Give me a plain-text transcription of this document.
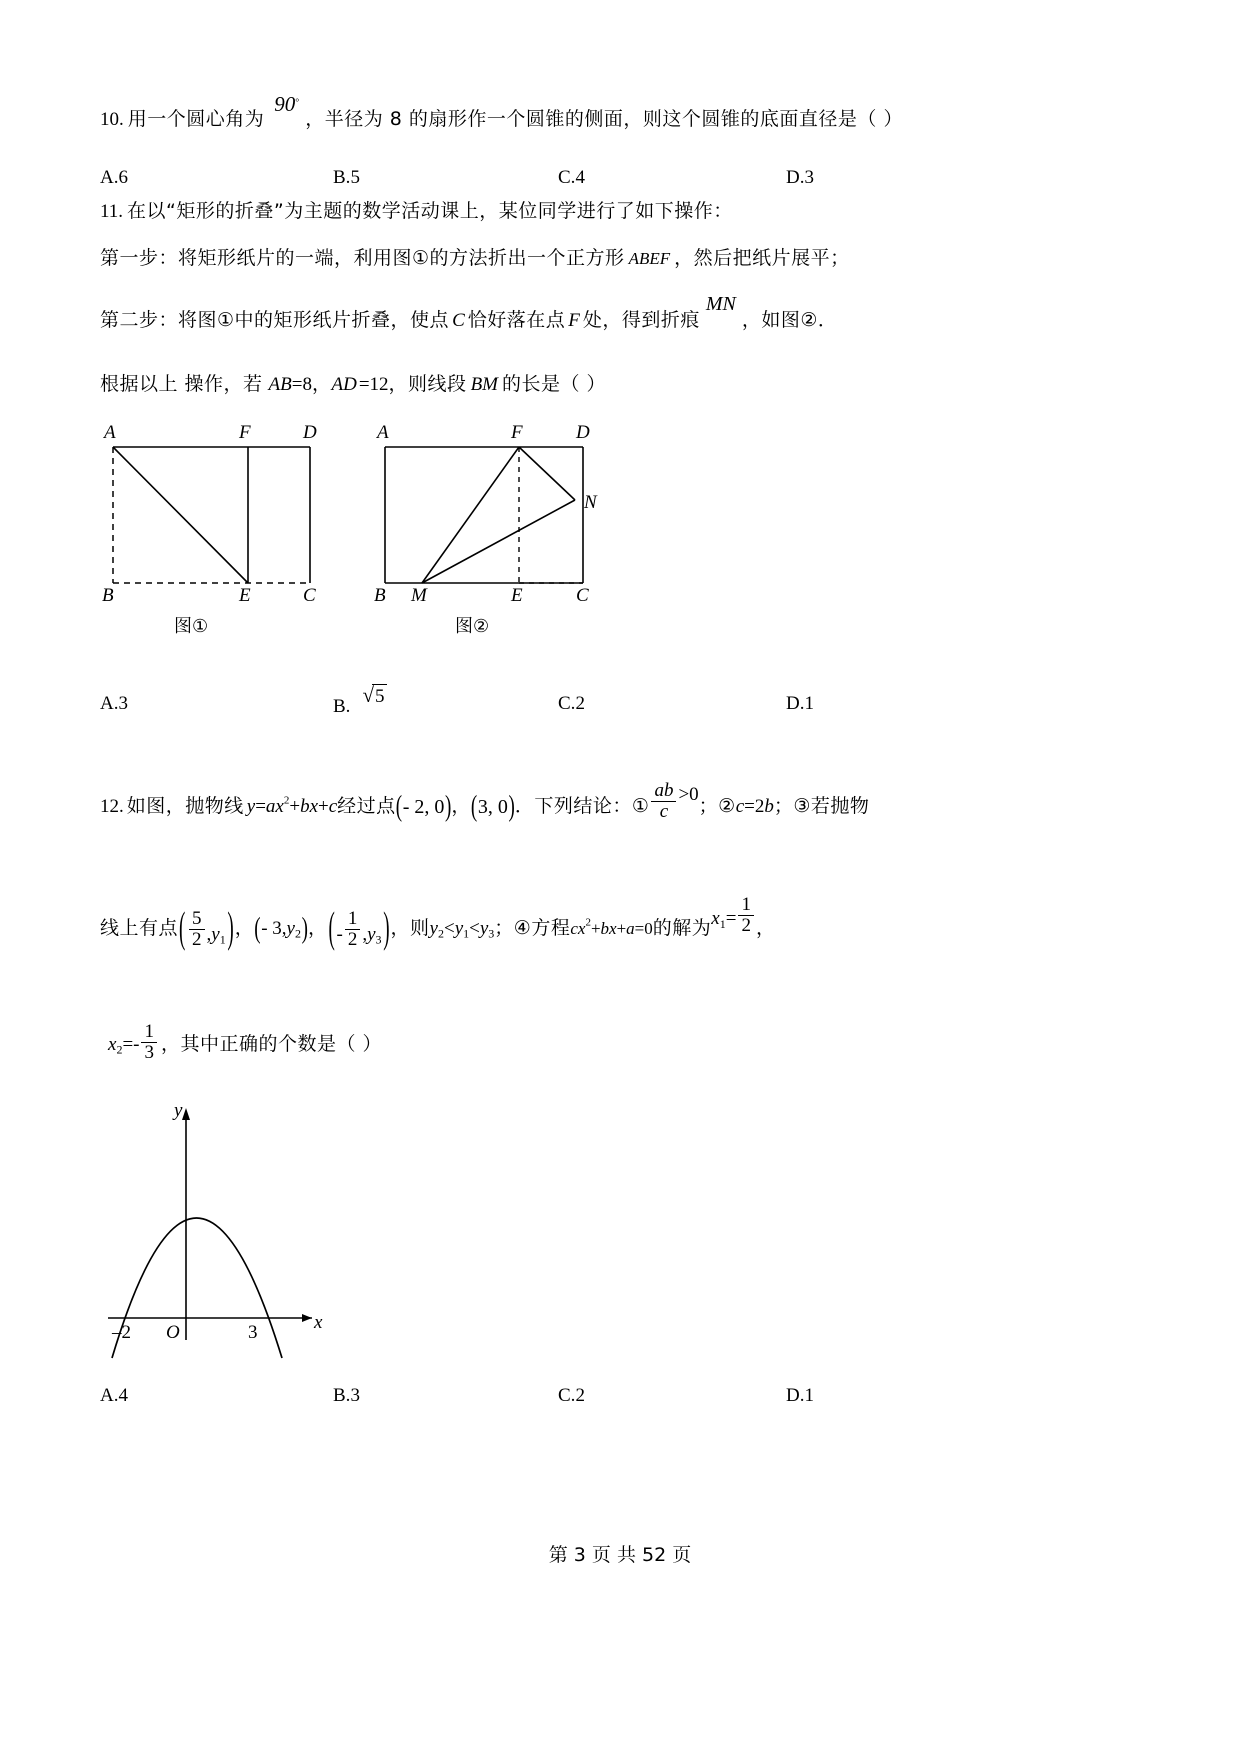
10. 用一个圆心角为90°，半径为 8 的扇形作一个圆锥的侧面，则这个圆锥的底面直径是（ ）
A.6	B.5	C.4	D.3
11. 在以“矩形的折叠”为主题的数学活动课上，某位同学进行了如下操作：
第一步：将矩形纸片的一端，利用图①的方法折出一个正方形 ABEF ，然后把纸片展平；
第二步：将图①中的矩形纸片折叠，使点 C 恰好落在点 F 处，得到折痕MN，如图②．
根据以上 操作，若 AB=8，AD =12，则线段 BM 的长是（ ）
A	F	D
B	E	C
图①
A	F	D
N
B M	E	C
图②
A.3	B. √
5	C.2	D.1
12. 如图，抛物线 $y=ax^2+bx+c$经过点 ( - 2, 0 ) ， ( 3, 0 ) ．下列结论：① $\frac{ab}{c} >0$；②c=2b；③若抛物
线上有点 ( $\frac{5}{2} ,y1$ )， ( - 3,y2 ) ， ( - $\frac{1}{2} ,y3$ )，则y2<y1<y3；④方程$cx^2+bx+a=0$的解为$x^1= \frac{1}{2}$ ，
$x2=- \frac{1}{3}$ ，其中正确的个数是（ ）
y
x
O
–2	3
A.4	B.3	C.2	D.1
第 3 页 共 52 页
